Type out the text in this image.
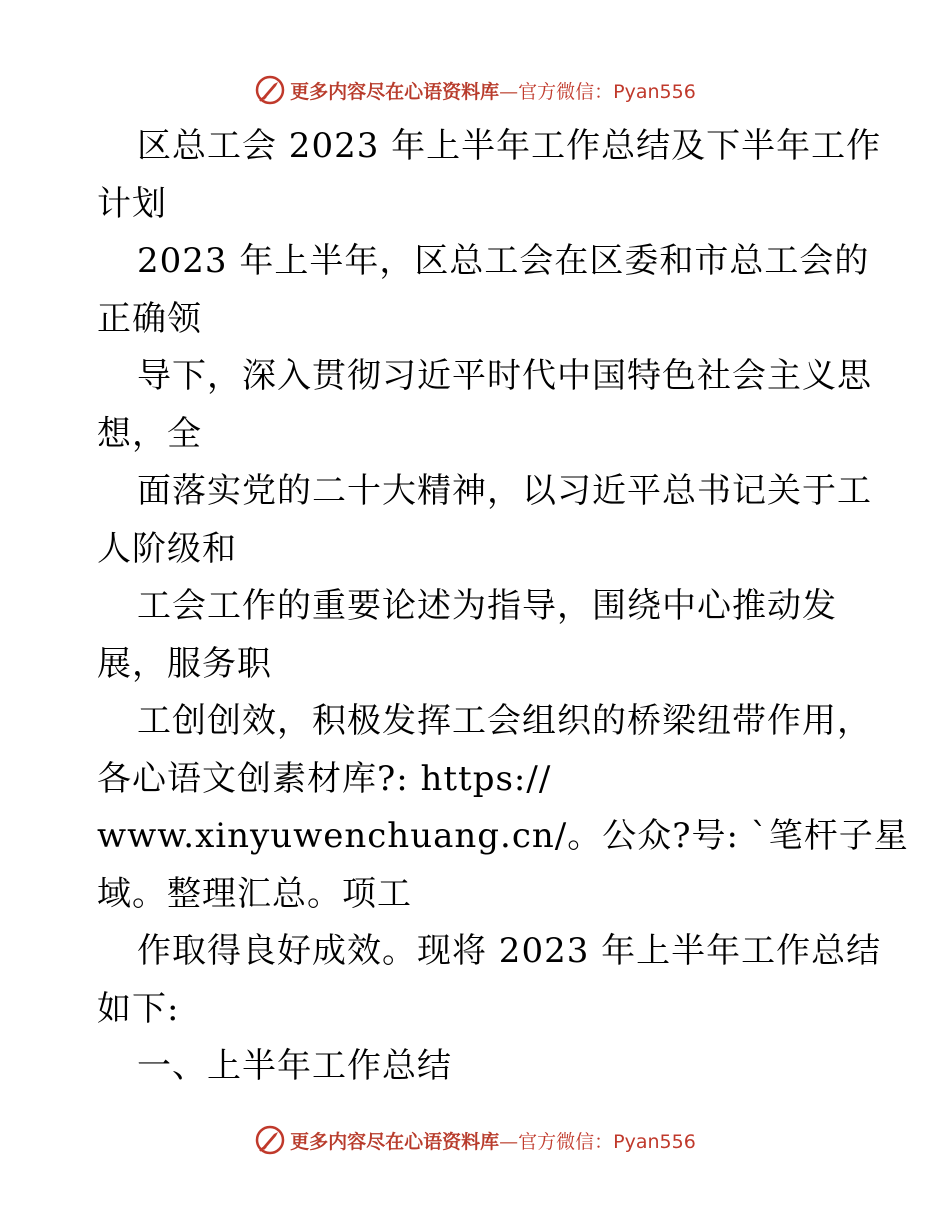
更多内容尽在心语资料库—官方微信：Pyan556
区总工会 2023 年上半年工作总结及下半年工作
计划
2023 年上半年，区总工会在区委和市总工会的
正确领
导下，深入贯彻习近平时代中国特色社会主义思
想，全
面落实党的二十大精神，以习近平总书记关于工
人阶级和
工会工作的重要论述为指导，围绕中心推动发
展，服务职
工创创效，积极发挥工会组织的桥梁纽带作用，
各心语文创素材库?: https://
www.xinyuwenchuang.cn/。公众?号: `笔杆子星
域。整理汇总。项工
作取得良好成效。现将 2023 年上半年工作总结
如下:
一、上半年工作总结
更多内容尽在心语资料库—官方微信：Pyan556
